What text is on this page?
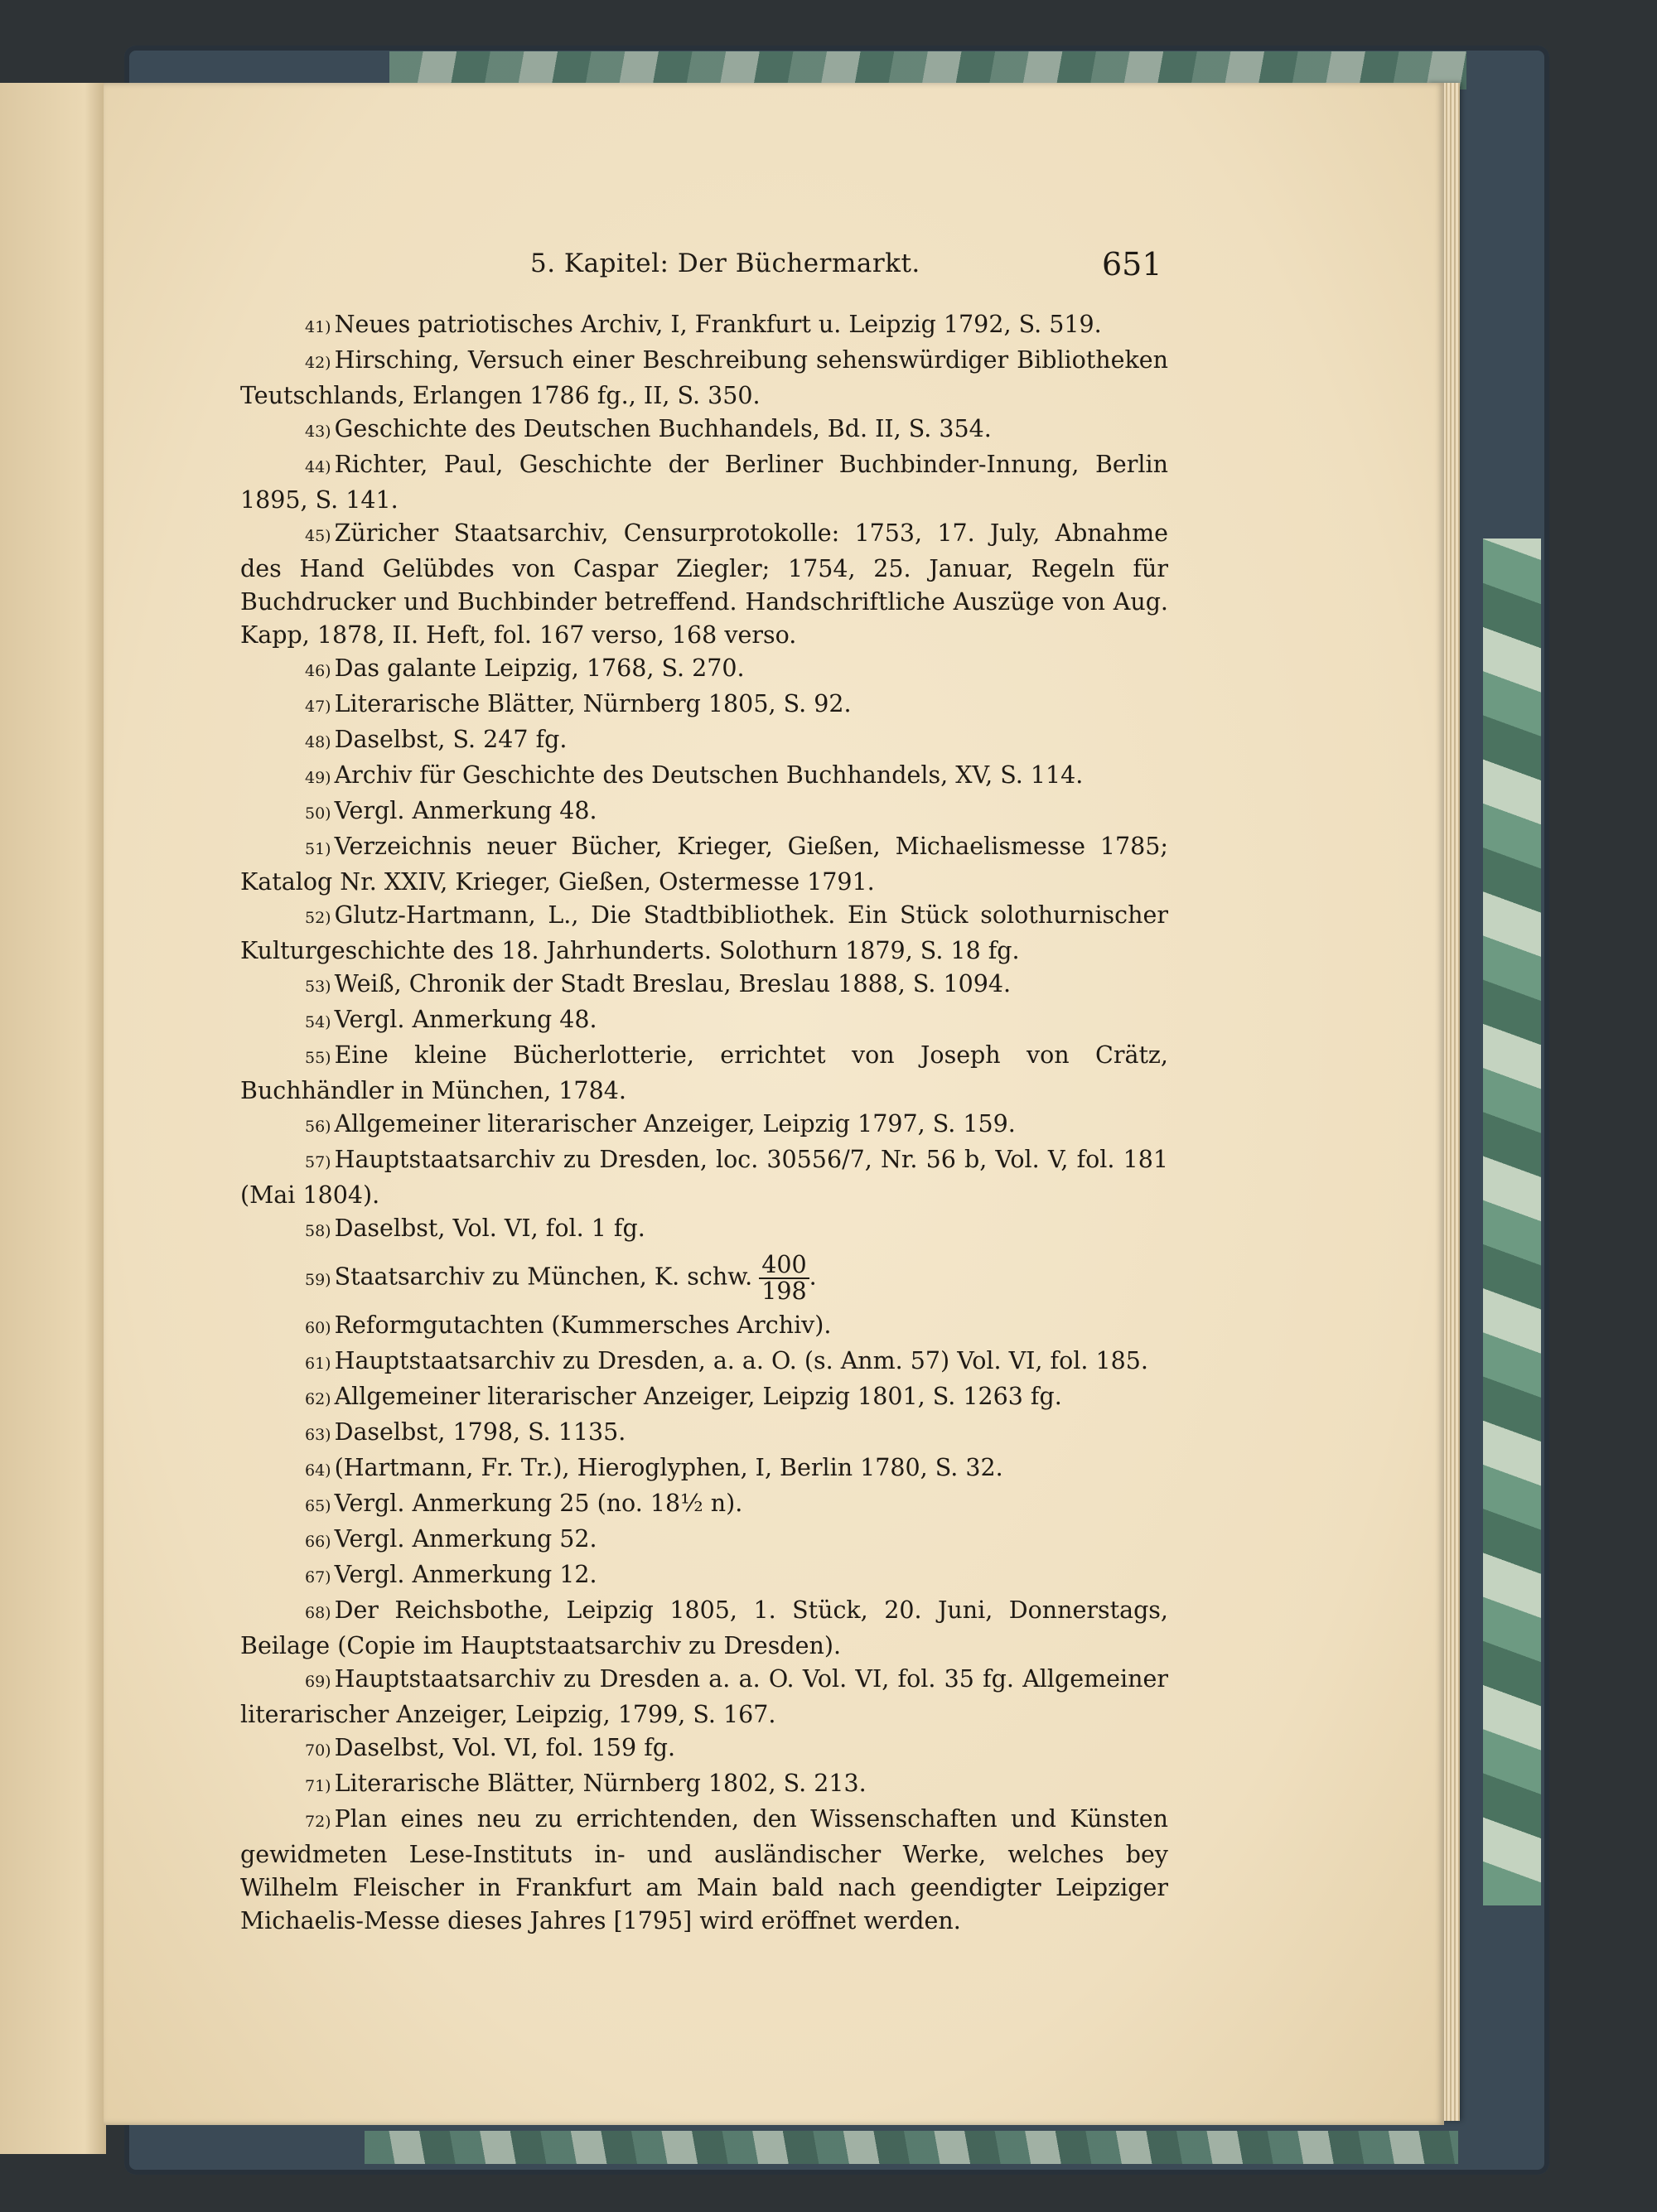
5. Kapitel: Der Büchermarkt.	651
41) Neues patriotisches Archiv, I, Frankfurt u. Leipzig 1792, S. 519.
42) Hirsching, Versuch einer Beschreibung sehenswürdiger Bibliotheken Teutschlands, Erlangen 1786 fg., II, S. 350.
43) Geschichte des Deutschen Buchhandels, Bd. II, S. 354.
44) Richter, Paul, Geschichte der Berliner Buchbinder-Innung, Berlin 1895, S. 141.
45) Züricher Staatsarchiv, Censurprotokolle: 1753, 17. July, Abnahme des Hand Gelübdes von Caspar Ziegler; 1754, 25. Januar, Regeln für Buchdrucker und Buchbinder betreffend. Handschriftliche Auszüge von Aug. Kapp, 1878, II. Heft, fol. 167 verso, 168 verso.
46) Das galante Leipzig, 1768, S. 270.
47) Literarische Blätter, Nürnberg 1805, S. 92.
48) Daselbst, S. 247 fg.
49) Archiv für Geschichte des Deutschen Buchhandels, XV, S. 114.
50) Vergl. Anmerkung 48.
51) Verzeichnis neuer Bücher, Krieger, Gießen, Michaelismesse 1785; Katalog Nr. XXIV, Krieger, Gießen, Ostermesse 1791.
52) Glutz-Hartmann, L., Die Stadtbibliothek. Ein Stück solothurnischer Kulturgeschichte des 18. Jahrhunderts. Solothurn 1879, S. 18 fg.
53) Weiß, Chronik der Stadt Breslau, Breslau 1888, S. 1094.
54) Vergl. Anmerkung 48.
55) Eine kleine Bücherlotterie, errichtet von Joseph von Crätz, Buchhändler in München, 1784.
56) Allgemeiner literarischer Anzeiger, Leipzig 1797, S. 159.
57) Hauptstaatsarchiv zu Dresden, loc. 30556/7, Nr. 56 b, Vol. V, fol. 181 (Mai 1804).
58) Daselbst, Vol. VI, fol. 1 fg.
59) Staatsarchiv zu München, K. schw. $\frac{400}{198}$ .
60) Reformgutachten (Kummersches Archiv).
61) Hauptstaatsarchiv zu Dresden, a. a. O. (s. Anm. 57) Vol. VI, fol. 185.
62) Allgemeiner literarischer Anzeiger, Leipzig 1801, S. 1263 fg.
63) Daselbst, 1798, S. 1135.
64) (Hartmann, Fr. Tr.), Hieroglyphen, I, Berlin 1780, S. 32.
65) Vergl. Anmerkung 25 (no. 18½ n).
66) Vergl. Anmerkung 52.
67) Vergl. Anmerkung 12.
68) Der Reichsbothe, Leipzig 1805, 1. Stück, 20. Juni, Donnerstags, Beilage (Copie im Hauptstaatsarchiv zu Dresden).
69) Hauptstaatsarchiv zu Dresden a. a. O. Vol. VI, fol. 35 fg. Allgemeiner literarischer Anzeiger, Leipzig, 1799, S. 167.
70) Daselbst, Vol. VI, fol. 159 fg.
71) Literarische Blätter, Nürnberg 1802, S. 213.
72) Plan eines neu zu errichtenden, den Wissenschaften und Künsten gewidmeten Lese-Instituts in- und ausländischer Werke, welches bey Wilhelm Fleischer in Frankfurt am Main bald nach geendigter Leipziger Michaelis-Messe dieses Jahres [1795] wird eröffnet werden.
